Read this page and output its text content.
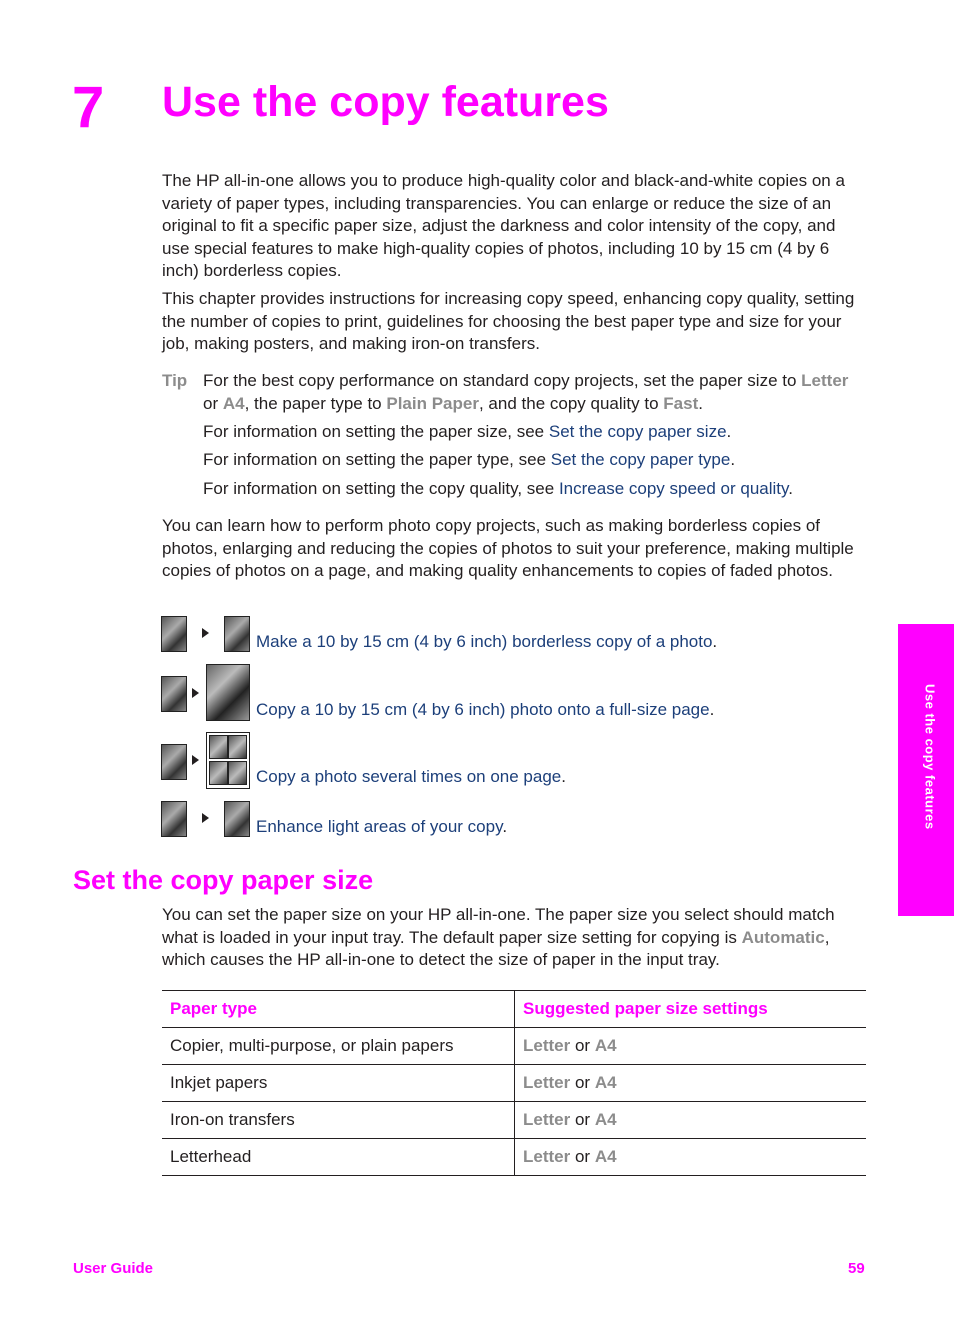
7 Use the copy features

The HP all-in-one allows you to produce high-quality color and black-and-white copies on a variety of paper types, including transparencies. You can enlarge or reduce the size of an original to fit a specific paper size, adjust the darkness and color intensity of the copy, and use special features to make high-quality copies of photos, including 10 by 15 cm (4 by 6 inch) borderless copies.

This chapter provides instructions for increasing copy speed, enhancing copy quality, setting the number of copies to print, guidelines for choosing the best paper type and size for your job, making posters, and making iron-on transfers.

Tip For the best copy performance on standard copy projects, set the paper size to Letter or A4, the paper type to Plain Paper, and the copy quality to Fast.

For information on setting the paper size, see Set the copy paper size.

For information on setting the paper type, see Set the copy paper type.

For information on setting the copy quality, see Increase copy speed or quality.

You can learn how to perform photo copy projects, such as making borderless copies of photos, enlarging and reducing the copies of photos to suit your preference, making multiple copies of photos on a page, and making quality enhancements to copies of faded photos.

Make a 10 by 15 cm (4 by 6 inch) borderless copy of a photo.
Copy a 10 by 15 cm (4 by 6 inch) photo onto a full-size page.
Copy a photo several times on one page.
Enhance light areas of your copy.	Use the copy features
Set the copy paper size

You can set the paper size on your HP all-in-one. The paper size you select should match what is loaded in your input tray. The default paper size setting for copying is Automatic, which causes the HP all-in-one to detect the size of paper in the input tray.

Paper type	Suggested paper size settings
Copier, multi-purpose, or plain papers	Letter or A4
Inkjet papers	Letter or A4
Iron-on transfers	Letter or A4
Letterhead	Letter or A4
User Guide	59
